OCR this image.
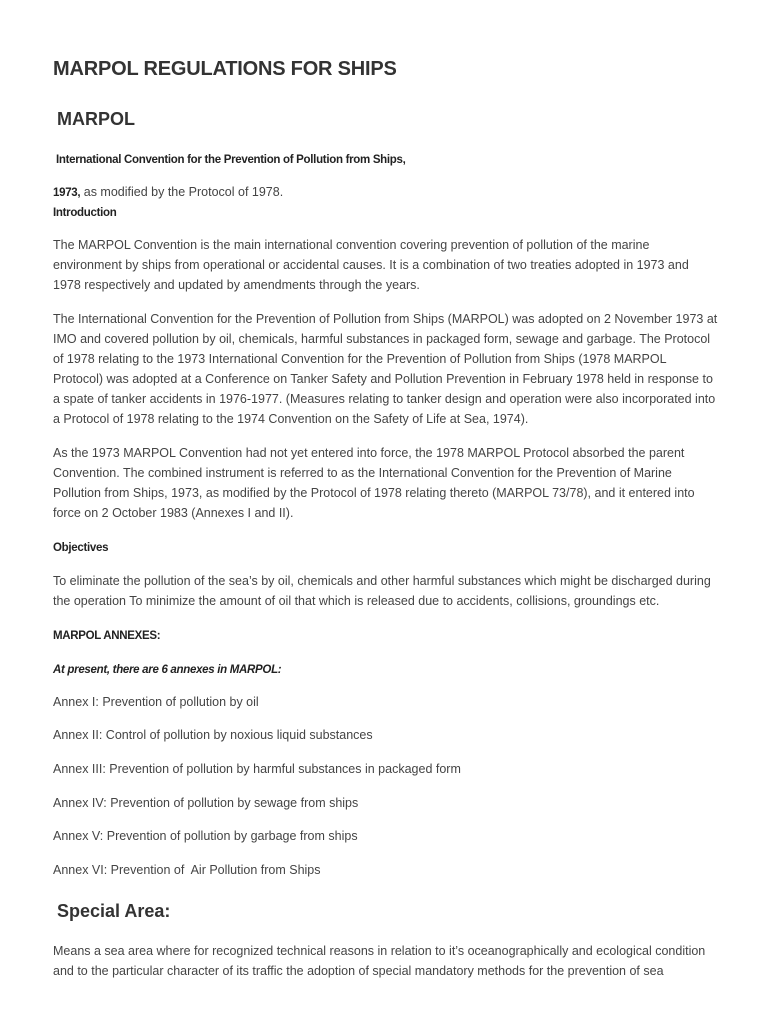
MARPOL REGULATIONS FOR SHIPS
MARPOL

International Convention for the Prevention of Pollution from Ships,

1973, as modified by the Protocol of 1978.

Introduction

The MARPOL Convention is the main international convention covering prevention of pollution of the marine environment by ships from operational or accidental causes. It is a combination of two treaties adopted in 1973 and 1978 respectively and updated by amendments through the years.

The International Convention for the Prevention of Pollution from Ships (MARPOL) was adopted on 2 November 1973 at IMO and covered pollution by oil, chemicals, harmful substances in packaged form, sewage and garbage. The Protocol of 1978 relating to the 1973 International Convention for the Prevention of Pollution from Ships (1978 MARPOL Protocol) was adopted at a Conference on Tanker Safety and Pollution Prevention in February 1978 held in response to a spate of tanker accidents in 1976-1977. (Measures relating to tanker design and operation were also incorporated into a Protocol of 1978 relating to the 1974 Convention on the Safety of Life at Sea, 1974).

As the 1973 MARPOL Convention had not yet entered into force, the 1978 MARPOL Protocol absorbed the parent Convention. The combined instrument is referred to as the International Convention for the Prevention of Marine Pollution from Ships, 1973, as modified by the Protocol of 1978 relating thereto (MARPOL 73/78), and it entered into force on 2 October 1983 (Annexes I and II).

Objectives

To eliminate the pollution of the sea’s by oil, chemicals and other harmful substances which might be discharged during the operation To minimize the amount of oil that which is released due to accidents, collisions, groundings etc.

MARPOL ANNEXES:

At present, there are 6 annexes in MARPOL:

Annex I: Prevention of pollution by oil

Annex II: Control of pollution by noxious liquid substances

Annex III: Prevention of pollution by harmful substances in packaged form

Annex IV: Prevention of pollution by sewage from ships

Annex V: Prevention of pollution by garbage from ships

Annex VI: Prevention of  Air Pollution from Ships

Special Area:

Means a sea area where for recognized technical reasons in relation to it’s oceanographically and ecological condition and to the particular character of its traffic the adoption of special mandatory methods for the prevention of sea
